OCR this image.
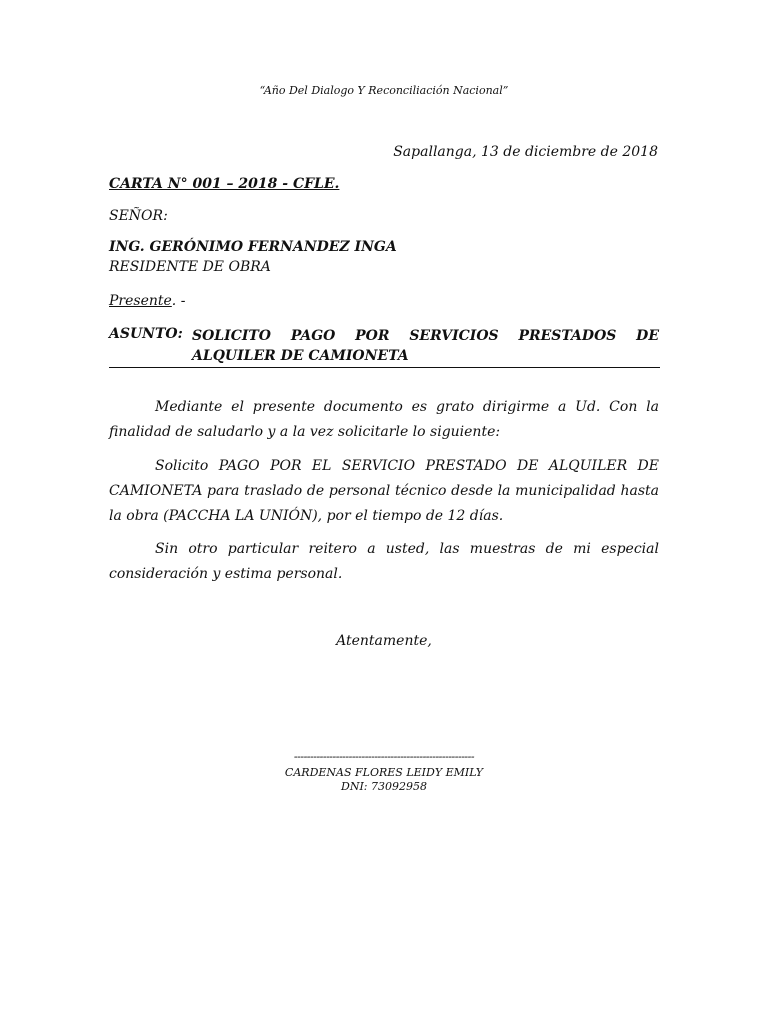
“Año Del Dialogo Y Reconciliación Nacional”
Sapallanga, 13 de diciembre de 2018
CARTA N° 001 – 2018 - CFLE.
SEÑOR:
ING. GERÓNIMO FERNANDEZ INGA
RESIDENTE DE OBRA
Presente. -
ASUNTO: SOLICITO PAGO POR SERVICIOS PRESTADOS DE ALQUILER DE CAMIONETA
Mediante el presente documento es grato dirigirme a Ud. Con la finalidad de saludarlo y a la vez solicitarle lo siguiente:
Solicito PAGO POR EL SERVICIO PRESTADO DE ALQUILER DE CAMIONETA para traslado de personal técnico desde la municipalidad hasta la obra (PACCHA LA UNIÓN), por el tiempo de 12 días.
Sin otro particular reitero a usted, las muestras de mi especial consideración y estima personal.
Atentamente,
--------------------------------------------------------
CARDENAS FLORES LEIDY EMILY
DNI: 73092958
